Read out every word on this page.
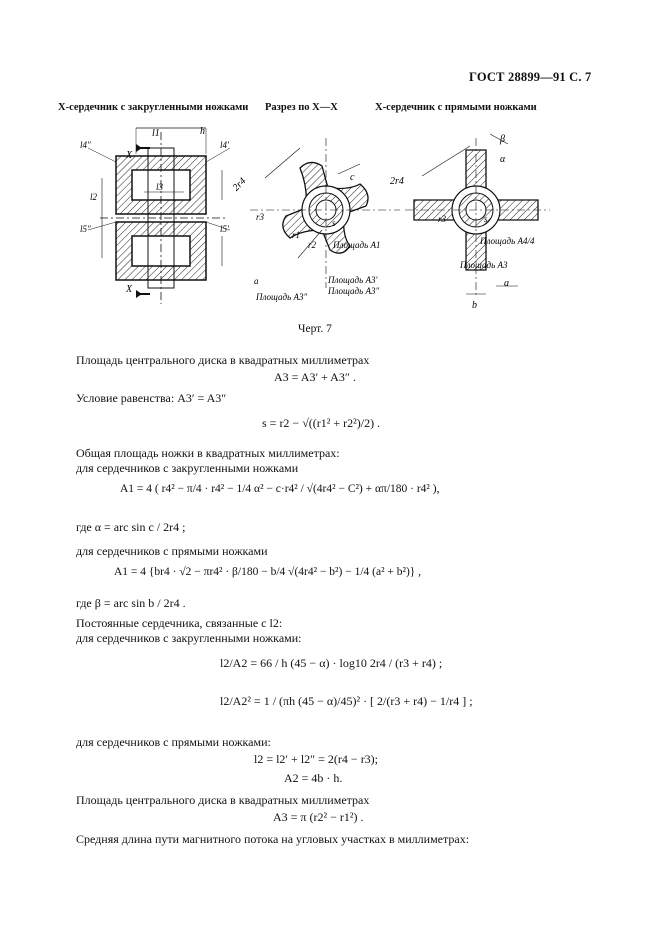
ГОСТ 28899—91 С. 7
Х-сердечник с закругленными ножками Разрез по Х—Х	Х-сердечник с прямыми ножками
l1	h
l4″	l4′
X
l3
l2
l5″	l5′
X
2r4	c
r3
s
r1
r2 Площадь A1
Площадь A3′
Площадь A3″
Площадь A3″
a
2r4
β
α
r3	s
Площадь A4/4
Площадь A3
a
b
Черт. 7
Площадь центрального диска в квадратных миллиметрах
A3 = A3′ + A3″ .
Условие равенства: A3′ = A3″
s = r2 − √((r1² + r2²)/2) .
Общая площадь ножки в квадратных миллиметрах:
для сердечников с закругленными ножками
A1 = 4 ( r4² − π/4 · r4² − 1/4 α² − c·r4² / √(4r4² − C²) + απ/180 · r4² ),
где α = arc sin c / 2r4 ;
для сердечников с прямыми ножками
A1 = 4 {br4 · √2 − πr4² · β/180 − b/4 √(4r4² − b²) − 1/4 (a² + b²)} ,
где β = arc sin b / 2r4 .
Постоянные сердечника, связанные с l2:
для сердечников с закругленными ножками:
l2/A2 = 66 / h (45 − α) · log10 2r4 / (r3 + r4) ;
l2/A2² = 1 / (πh (45 − α)/45)² · [ 2/(r3 + r4) − 1/r4 ] ;
для сердечников с прямыми ножками:
l2 = l2′ + l2″ = 2(r4 − r3);
A2 = 4b · h.
Площадь центрального диска в квадратных миллиметрах
A3 = π (r2² − r1²) .
Средняя длина пути магнитного потока на угловых участках в миллиметрах:
